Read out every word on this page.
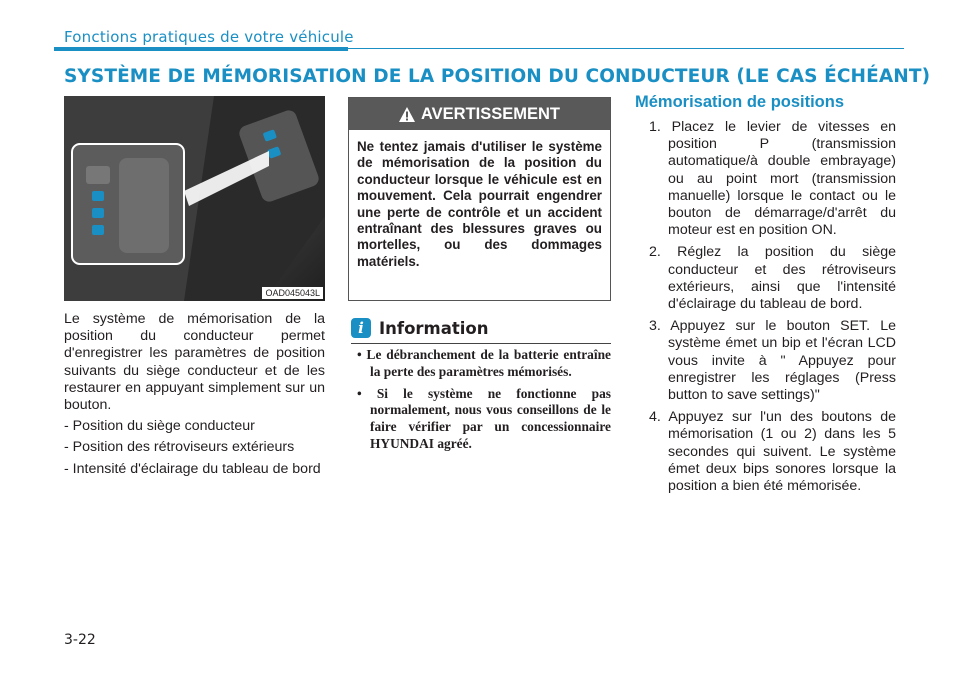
Fonctions pratiques de votre véhicule
SYSTÈME DE MÉMORISATION DE LA POSITION DU CONDUCTEUR (LE CAS ÉCHÉANT)
OAD045043L

Le système de mémorisation de la position du conducteur permet d'enregistrer les paramètres de position suivants du siège conducteur et de les restaurer en appuyant simplement sur un bouton.

- Position du siège conducteur
- Position des rétroviseurs extérieurs
- Intensité d'éclairage du tableau de bord
AVERTISSEMENT
Ne tentez jamais d'utiliser le système de mémorisation de la position du conducteur lorsque le véhicule est en mouvement. Cela pourrait engendrer une perte de contrôle et un accident entraînant des blessures graves ou mortelles, ou des dommages matériels.
i Information
• Le débranchement de la batterie entraîne la perte des paramètres mémorisés.
• Si le système ne fonctionne pas normalement, nous vous conseillons de le faire vérifier par un concessionnaire HYUNDAI agréé.
Mémorisation de positions
1. Placez le levier de vitesses en position P (transmission automatique/à double embrayage) ou au point mort (transmission manuelle) lorsque le contact ou le bouton de démarrage/d'arrêt du moteur est en position ON.
2. Réglez la position du siège conducteur et des rétroviseurs extérieurs, ainsi que l'intensité d'éclairage du tableau de bord.
3. Appuyez sur le bouton SET. Le système émet un bip et l'écran LCD vous invite à " Appuyez pour enregistrer les réglages (Press button to save settings)"
4. Appuyez sur l'un des boutons de mémorisation (1 ou 2) dans les 5 secondes qui suivent. Le système émet deux bips sonores lorsque la position a bien été mémorisée.
3-22
